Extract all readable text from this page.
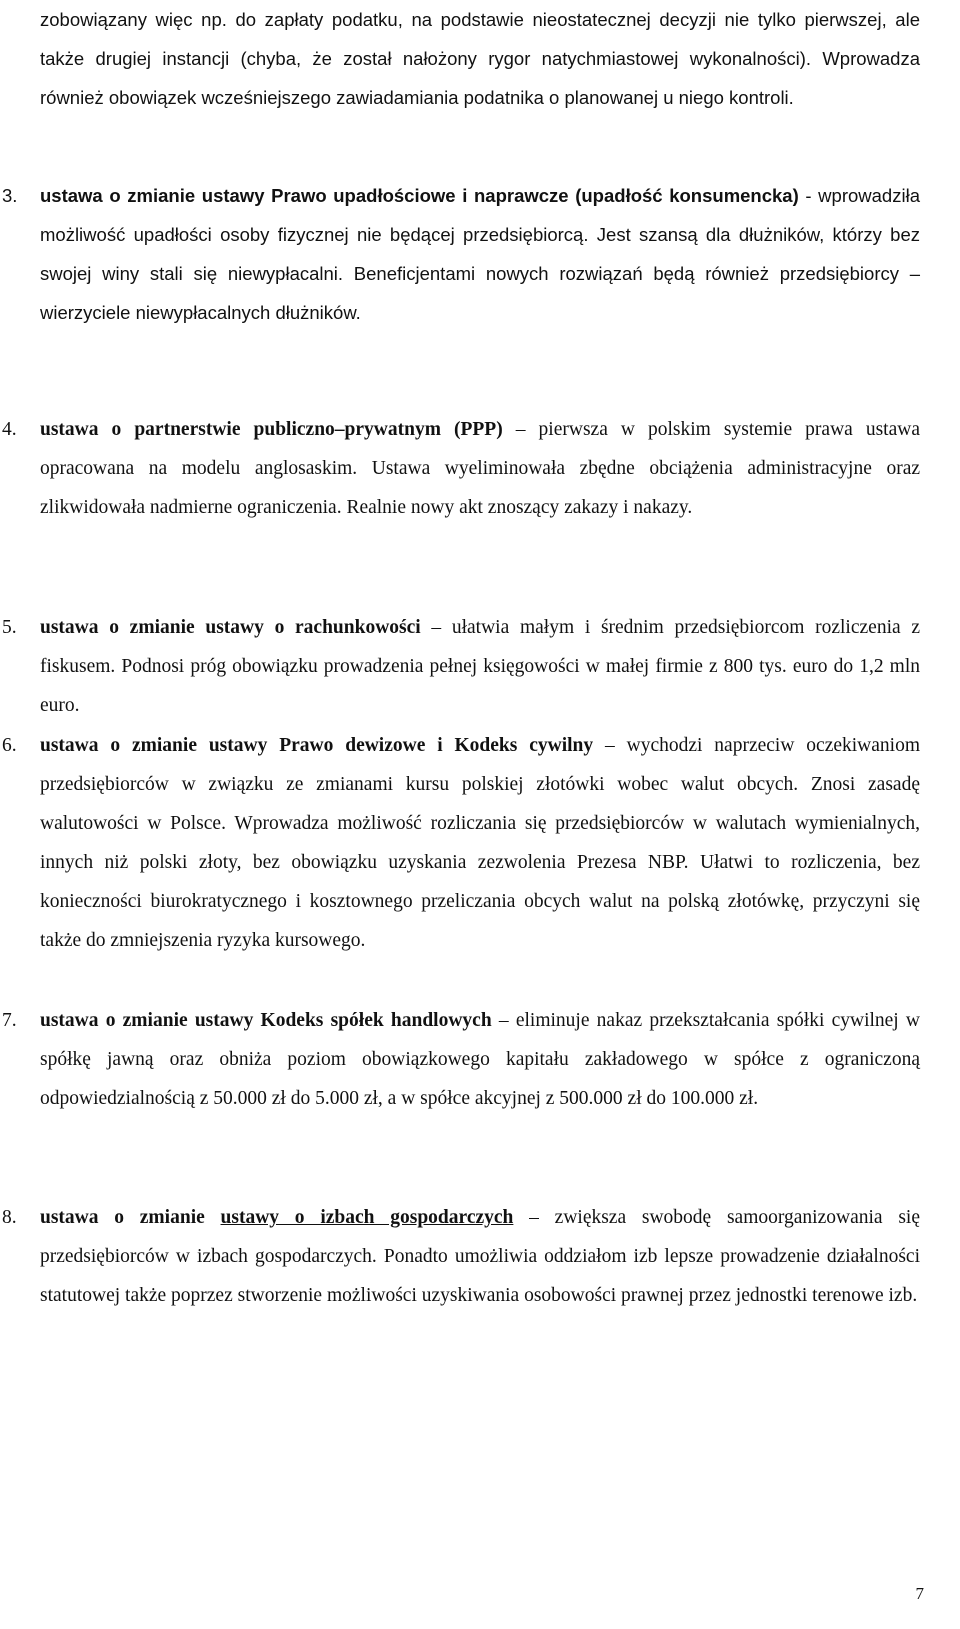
zobowiązany więc np. do zapłaty podatku, na podstawie nieostatecznej decyzji nie tylko pierwszej, ale także drugiej instancji (chyba, że został nałożony rygor natychmiastowej wykonalności). Wprowadza również obowiązek wcześniejszego zawiadamiania podatnika o planowanej u niego kontroli.

3.	ustawa o zmianie ustawy Prawo upadłościowe i naprawcze (upadłość konsumencka) - wprowadziła możliwość upadłości osoby fizycznej nie będącej przedsiębiorcą. Jest szansą dla dłużników, którzy bez swojej winy stali się niewypłacalni. Beneficjentami nowych rozwiązań będą również przedsiębiorcy – wierzyciele niewypłacalnych dłużników.

4.	ustawa o partnerstwie publiczno–prywatnym (PPP) – pierwsza w polskim systemie prawa ustawa opracowana na modelu anglosaskim. Ustawa wyeliminowała zbędne obciążenia administracyjne oraz zlikwidowała nadmierne ograniczenia. Realnie nowy akt znoszący zakazy i nakazy.

5.	ustawa o zmianie ustawy o rachunkowości – ułatwia małym i średnim przedsiębiorcom rozliczenia z fiskusem. Podnosi próg obowiązku prowadzenia pełnej księgowości w małej firmie z 800 tys. euro do 1,2 mln euro.

6.	ustawa o zmianie ustawy Prawo dewizowe i Kodeks cywilny – wychodzi naprzeciw oczekiwaniom przedsiębiorców w związku ze zmianami kursu polskiej złotówki wobec walut obcych. Znosi zasadę walutowości w Polsce. Wprowadza możliwość rozliczania się przedsiębiorców w walutach wymienialnych, innych niż polski złoty, bez obowiązku uzyskania zezwolenia Prezesa NBP. Ułatwi to rozliczenia, bez konieczności biurokratycznego i kosztownego przeliczania obcych walut na polską złotówkę, przyczyni się także do zmniejszenia ryzyka kursowego.

7.	ustawa o zmianie ustawy Kodeks spółek handlowych – eliminuje nakaz przekształcania spółki cywilnej w spółkę jawną oraz obniża poziom obowiązkowego kapitału zakładowego w spółce z ograniczoną odpowiedzialnością z 50.000 zł do 5.000 zł, a w spółce akcyjnej z 500.000 zł do 100.000 zł.

8.	ustawa o zmianie ustawy o izbach gospodarczych – zwiększa swobodę samoorganizowania się przedsiębiorców w izbach gospodarczych. Ponadto umożliwia oddziałom izb lepsze prowadzenie działalności statutowej także poprzez stworzenie możliwości uzyskiwania osobowości prawnej przez jednostki terenowe izb.

7
